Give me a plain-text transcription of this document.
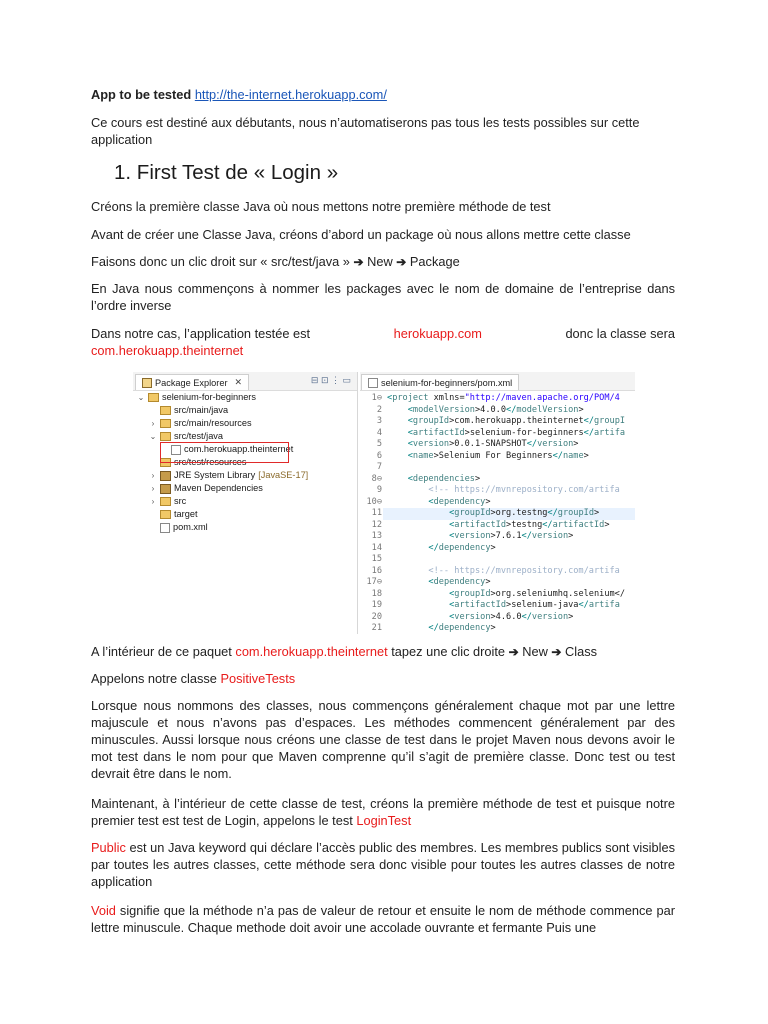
App to be tested http://the-internet.herokuapp.com/

Ce cours est destiné aux débutants, nous n’automatiserons pas tous les tests possibles sur cette application

1. First Test de « Login »

Créons la première classe Java où nous mettons notre première méthode de test

Avant de créer une Classe Java, créons d’abord un package où nous allons mettre cette classe

Faisons donc un clic droit sur « src/test/java » ➔ New ➔ Package

En Java nous commençons à nommer les packages avec le nom de domaine de l’entreprise dans l’ordre inverse

Dans notre cas, l’application testée est	herokuapp.com	donc la classe sera
com.herokuapp.theinternet

Package Explorer ✕	⊟ ⊡ ⋮ ▭
⌄ selenium-for-beginners
src/main/java
› src/main/resources
⌄ src/test/java
com.herokuapp.theinternet
src/test/resources
› JRE System Library [JavaSE-17]
› Maven Dependencies
› src
target
pom.xml
selenium-for-beginners/pom.xml
1⊖ <project xmlns="http://maven.apache.org/POM/4
2	<modelVersion>4.0.0</modelVersion>
3	<groupId>com.herokuapp.theinternet</groupI
4	<artifactId>selenium-for-beginners</artifa
5	<version>0.0.1-SNAPSHOT</version>
6	<name>Selenium For Beginners</name>
7
8⊖	<dependencies>
9 <!-- https://mvnrepository.com/artifa
10⊖	<dependency>
11	<groupId>org.testng</groupId>
12	<artifactId>testng</artifactId>
13	<version>7.6.1</version>
14	</dependency>
15
16 <!-- https://mvnrepository.com/artifa
17⊖	<dependency>
18	<groupId>org.seleniumhq.selenium</
19	<artifactId>selenium-java</artifa
20	<version>4.6.0</version>
21	</dependency>

A l’intérieur de ce paquet com.herokuapp.theinternet tapez une clic droite ➔ New ➔ Class

Appelons notre classe PositiveTests

Lorsque nous nommons des classes, nous commençons généralement chaque mot par une lettre majuscule et nous n’avons pas d’espaces. Les méthodes commencent généralement par des minuscules. Aussi lorsque nous créons une classe de test dans le projet Maven nous devons avoir le mot test dans le nom pour que Maven comprenne qu’il s’agit de première classe. Donc test ou test devrait être dans le nom.

Maintenant, à l’intérieur de cette classe de test, créons la première méthode de test et puisque notre premier test est test de Login, appelons le test LoginTest

Public est un Java keyword qui déclare l’accès public des membres. Les membres publics sont visibles par toutes les autres classes, cette méthode sera donc visible pour toutes les autres classes de notre application

Void signifie que la méthode n’a pas de valeur de retour et ensuite le nom de méthode commence par lettre minuscule. Chaque methode doit avoir une accolade ouvrante et fermante Puis une
